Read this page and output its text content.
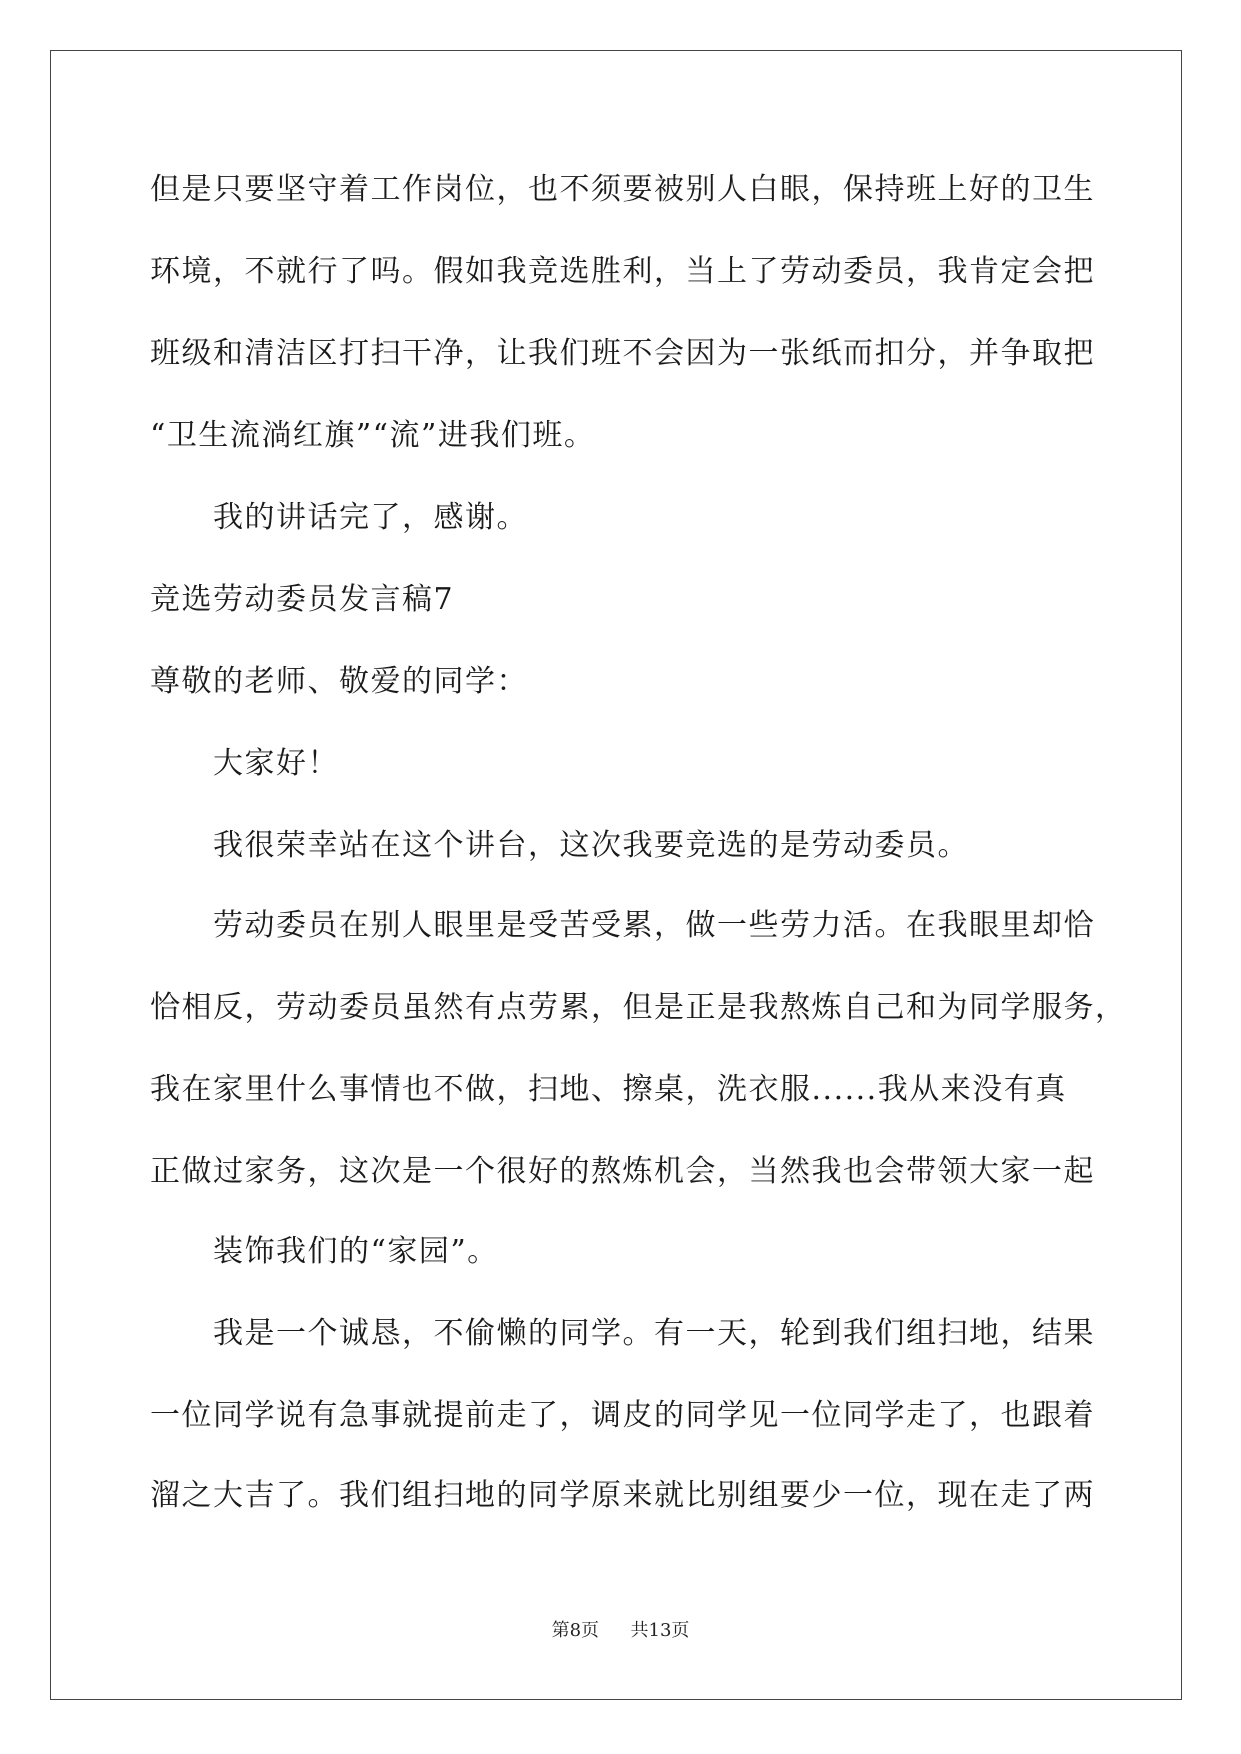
但是只要坚守着工作岗位，也不须要被别人白眼，保持班上好的卫生
环境，不就行了吗。假如我竞选胜利，当上了劳动委员，我肯定会把
班级和清洁区打扫干净，让我们班不会因为一张纸而扣分，并争取把
“卫生流淌红旗”“流”进我们班。
我的讲话完了，感谢。
竞选劳动委员发言稿7
尊敬的老师、敬爱的同学：
大家好！
我很荣幸站在这个讲台，这次我要竞选的是劳动委员。
劳动委员在别人眼里是受苦受累，做一些劳力活。在我眼里却恰
恰相反，劳动委员虽然有点劳累，但是正是我熬炼自己和为同学服务，
我在家里什么事情也不做，扫地、擦桌，洗衣服......我从来没有真
正做过家务，这次是一个很好的熬炼机会，当然我也会带领大家一起
装饰我们的“家园”。
我是一个诚恳，不偷懒的同学。有一天，轮到我们组扫地，结果
一位同学说有急事就提前走了，调皮的同学见一位同学走了，也跟着
溜之大吉了。我们组扫地的同学原来就比别组要少一位，现在走了两
第8页 共13页
